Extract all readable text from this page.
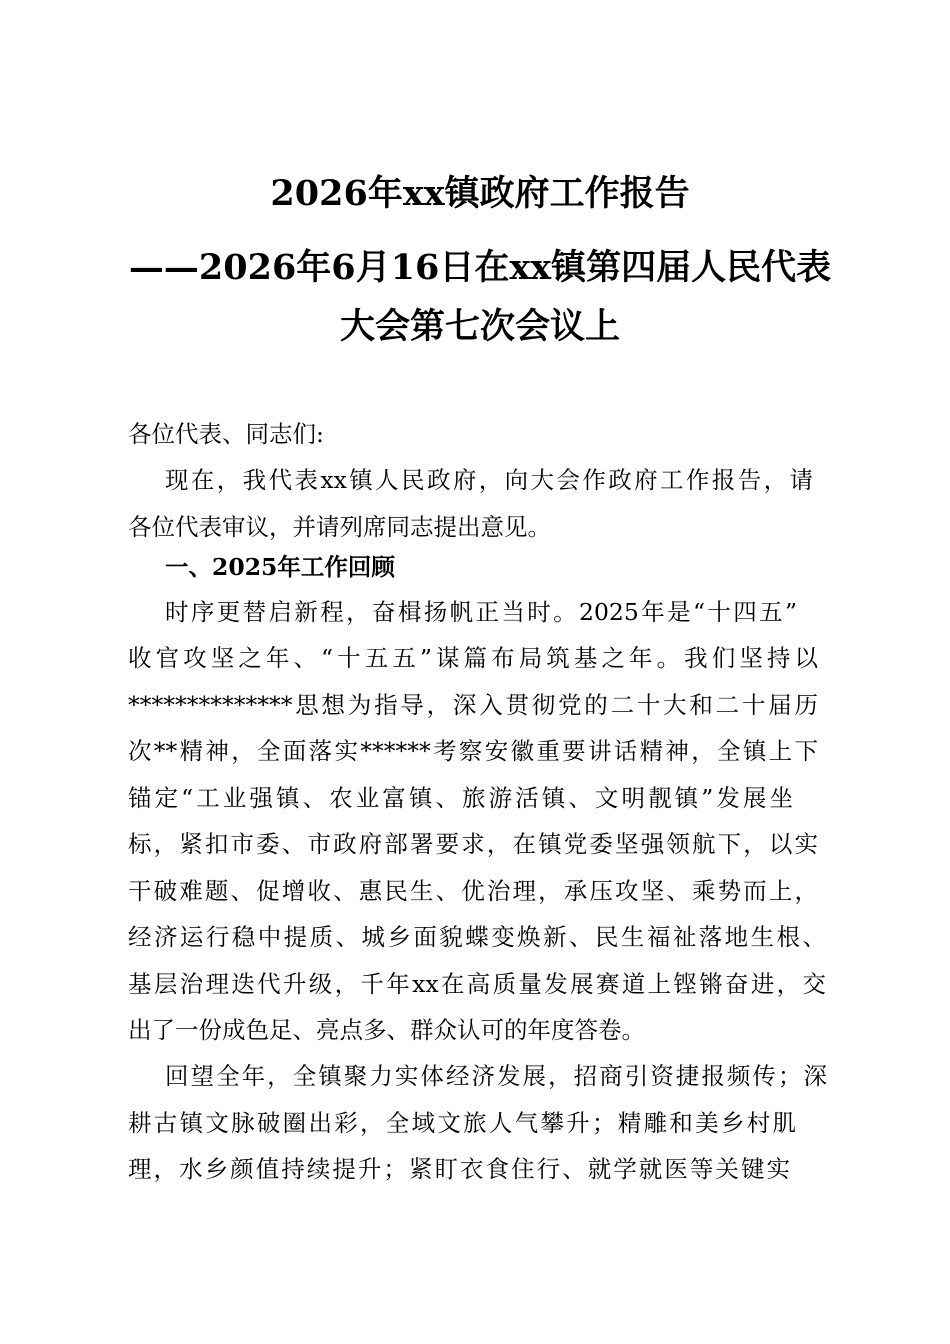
2026年xx镇政府工作报告
——2026年6月16日在xx镇第四届人民代表
大会第七次会议上
各位代表、同志们:
现在，我代表xx镇人民政府，向大会作政府工作报告，请
各位代表审议，并请列席同志提出意见。
一、2025年工作回顾
时序更替启新程，奋楫扬帆正当时。2025年是“十四五”
收官攻坚之年、“十五五”谋篇布局筑基之年。我们坚持以
**************思想为指导，深入贯彻党的二十大和二十届历
次**精神，全面落实******考察安徽重要讲话精神，全镇上下
锚定“工业强镇、农业富镇、旅游活镇、文明靓镇”发展坐
标，紧扣市委、市政府部署要求，在镇党委坚强领航下，以实
干破难题、促增收、惠民生、优治理，承压攻坚、乘势而上，
经济运行稳中提质、城乡面貌蝶变焕新、民生福祉落地生根、
基层治理迭代升级，千年xx在高质量发展赛道上铿锵奋进，交
出了一份成色足、亮点多、群众认可的年度答卷。
回望全年，全镇聚力实体经济发展，招商引资捷报频传；深
耕古镇文脉破圈出彩，全域文旅人气攀升；精雕和美乡村肌
理，水乡颜值持续提升；紧盯衣食住行、就学就医等关键实
